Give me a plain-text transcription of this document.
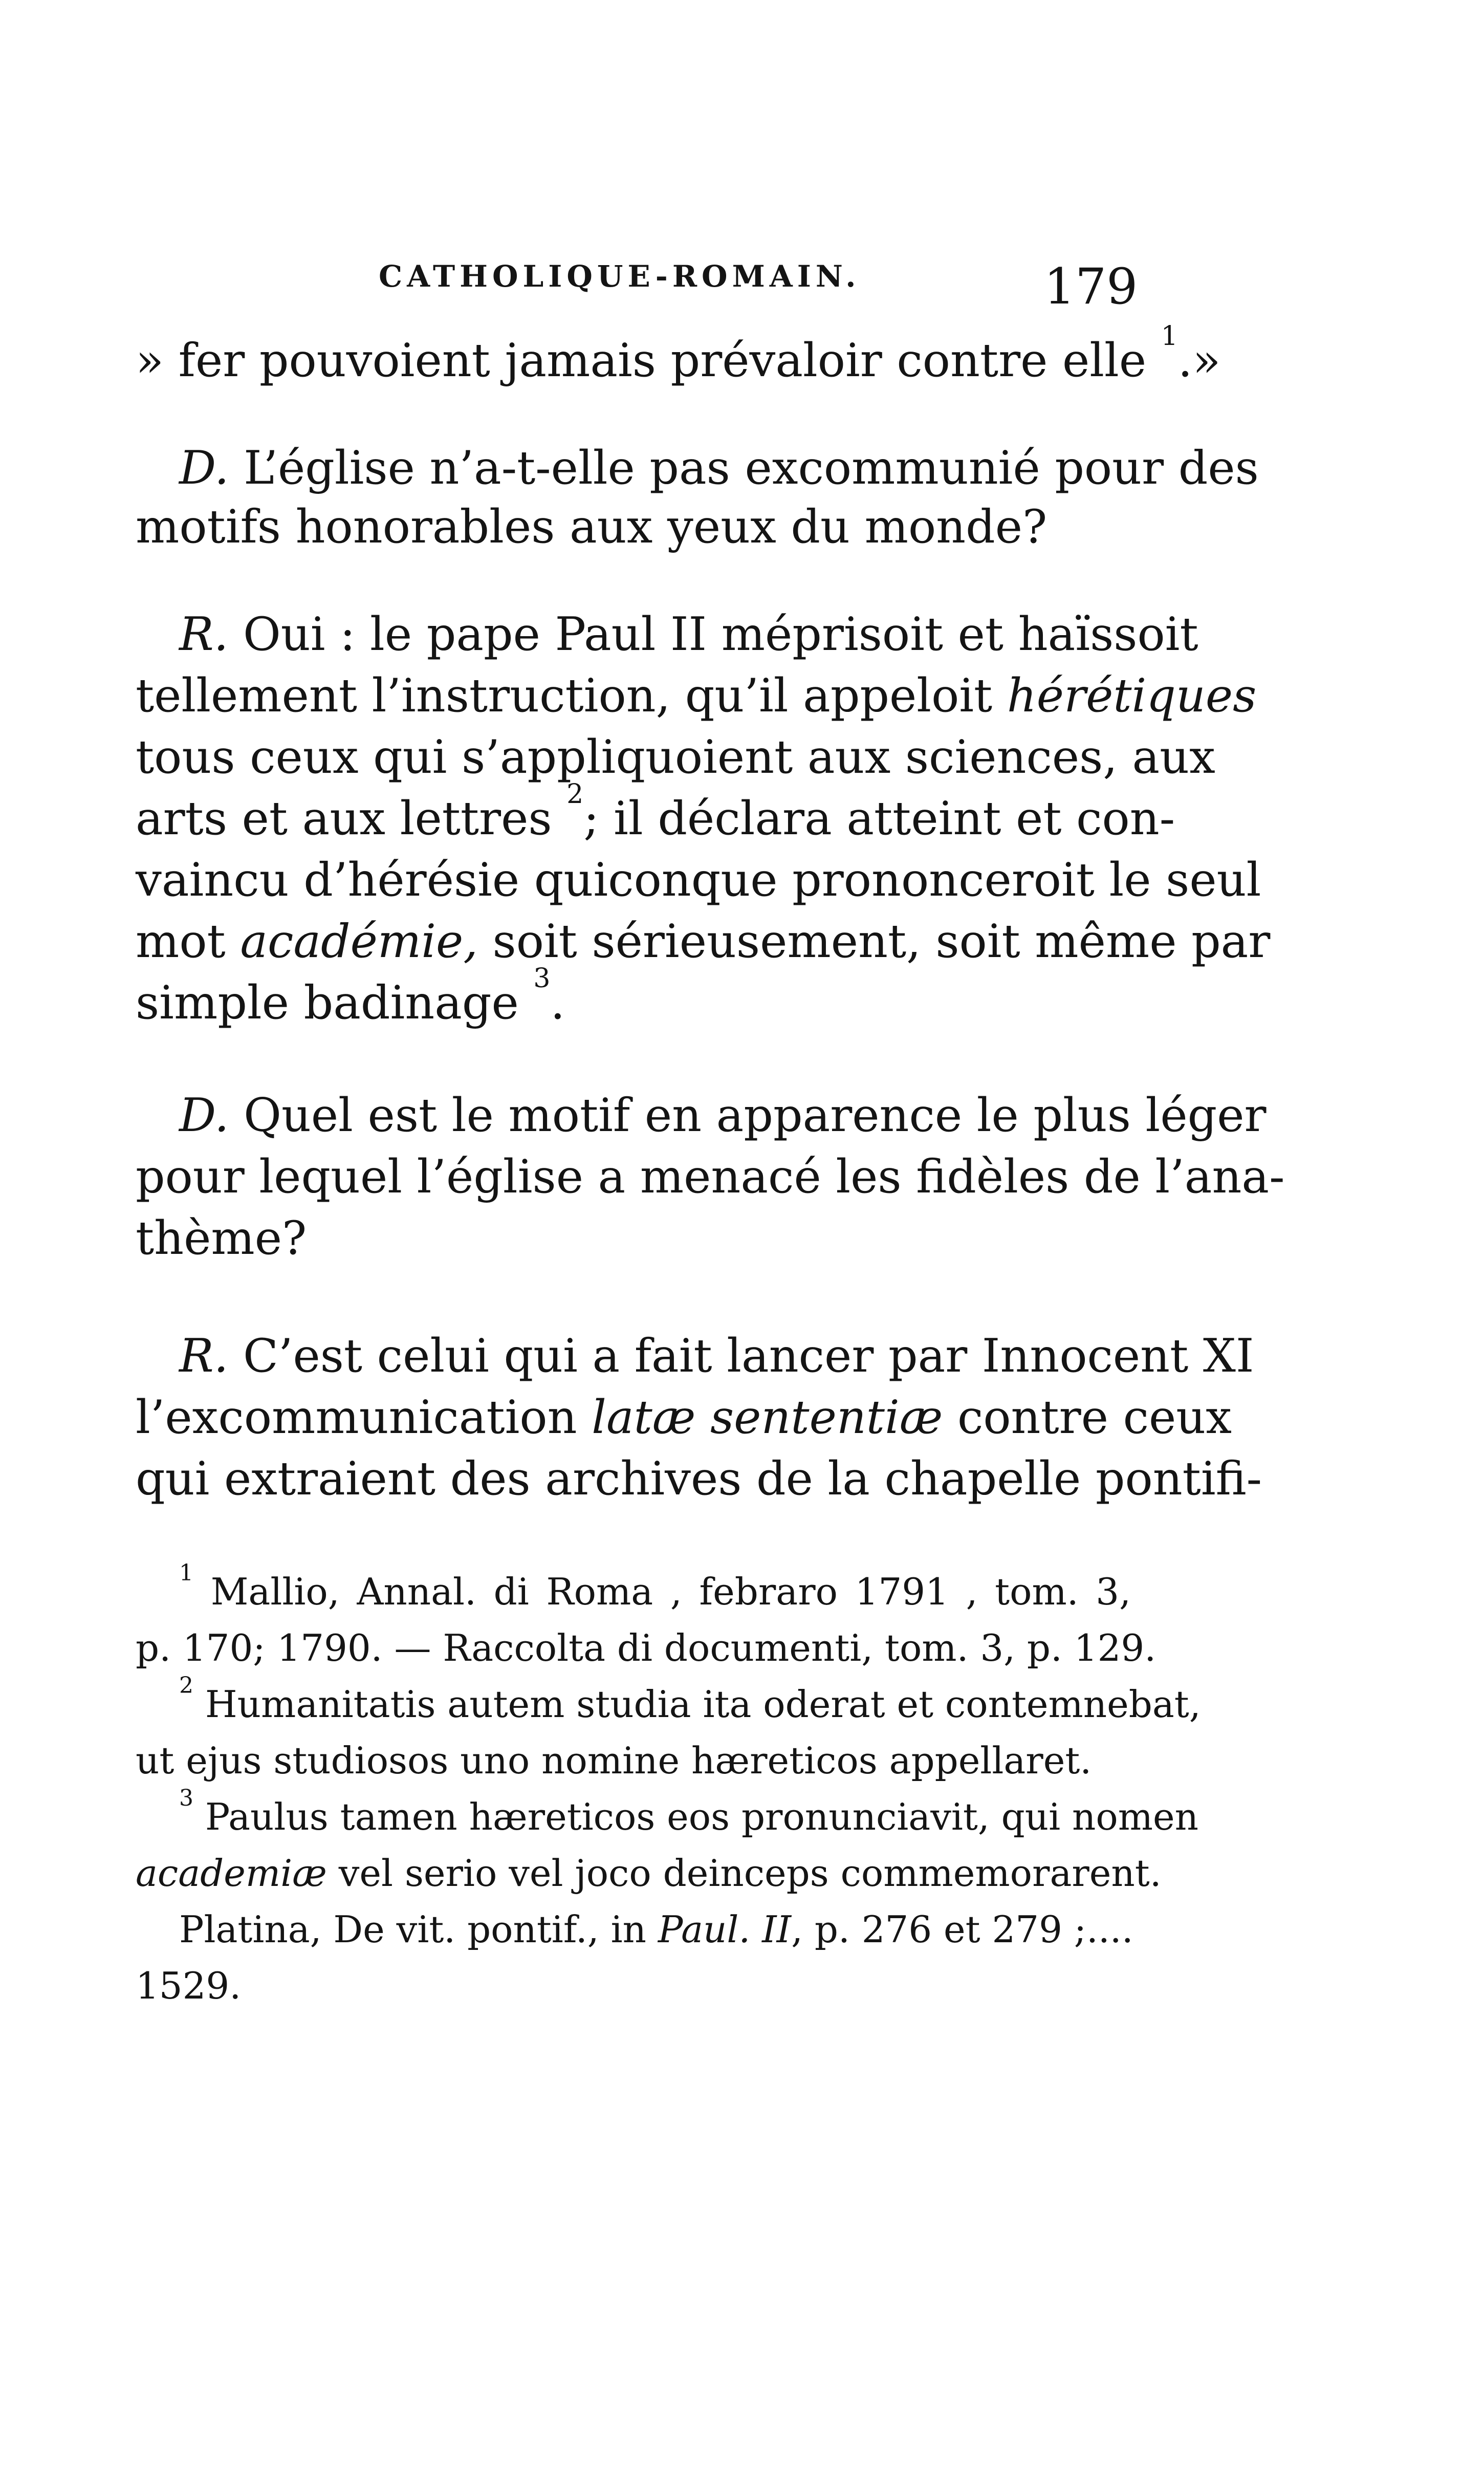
CATHOLIQUE-ROMAIN.	179
» fer pouvoient jamais prévaloir contre elle $^1$.»
D. L’église n’a-t-elle pas excommunié pour des
motifs honorables aux yeux du monde?
R. Oui : le pape Paul II méprisoit et haïssoit
tellement l’instruction, qu’il appeloit hérétiques
tous ceux qui s’appliquoient aux sciences, aux
arts et aux lettres $^2$; il déclara atteint et con-
vaincu d’hérésie quiconque prononceroit le seul
mot académie, soit sérieusement, soit même par
simple badinage $^3$.
D. Quel est le motif en apparence le plus léger
pour lequel l’église a menacé les fidèles de l’ana-
thème?
R. C’est celui qui a fait lancer par Innocent XI
l’excommunication latæ sententiæ contre ceux
qui extraient des archives de la chapelle pontifi-
$^1$ Mallio, Annal. di Roma , febraro 1791 , tom. 3,
p. 170; 1790. — Raccolta di documenti, tom. 3, p. 129.
$^2$ Humanitatis autem studia ita oderat et contemnebat,
ut ejus studiosos uno nomine hæreticos appellaret.
$^3$ Paulus tamen hæreticos eos pronunciavit, qui nomen
academiæ vel serio vel joco deinceps commemorarent.
Platina, De vit. pontif., in Paul. II, p. 276 et 279 ;....
1529.
